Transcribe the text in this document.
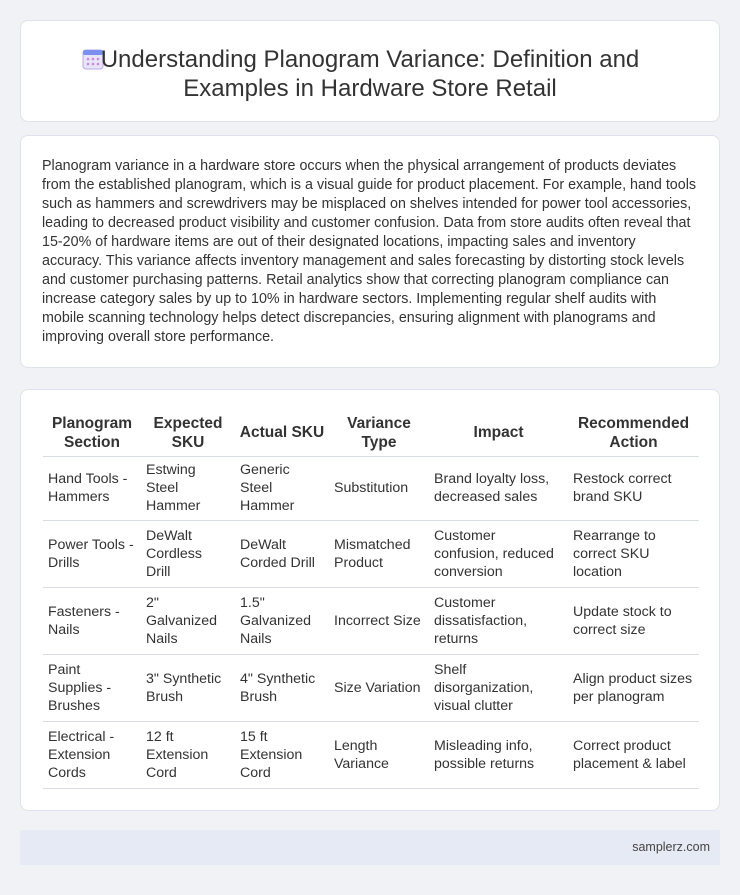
Understanding Planogram Variance: Definition and Examples in Hardware Store Retail

Planogram variance in a hardware store occurs when the physical arrangement of products deviates from the established planogram, which is a visual guide for product placement. For example, hand tools such as hammers and screwdrivers may be misplaced on shelves intended for power tool accessories, leading to decreased product visibility and customer confusion. Data from store audits often reveal that 15-20% of hardware items are out of their designated locations, impacting sales and inventory accuracy. This variance affects inventory management and sales forecasting by distorting stock levels and customer purchasing patterns. Retail analytics show that correcting planogram compliance can increase category sales by up to 10% in hardware sectors. Implementing regular shelf audits with mobile scanning technology helps detect discrepancies, ensuring alignment with planograms and improving overall store performance.

Planogram Section	Expected SKU	Actual SKU	Variance Type	Impact	Recommended Action
Hand Tools - Hammers	Estwing Steel Hammer	Generic Steel Hammer	Substitution	Brand loyalty loss, decreased sales	Restock correct brand SKU
Power Tools - Drills	DeWalt Cordless Drill	DeWalt Corded Drill	Mismatched Product	Customer confusion, reduced conversion	Rearrange to correct SKU location
Fasteners - Nails	2" Galvanized Nails	1.5" Galvanized Nails	Incorrect Size	Customer dissatisfaction, returns	Update stock to correct size
Paint Supplies - Brushes	3" Synthetic Brush	4" Synthetic Brush	Size Variation	Shelf disorganization, visual clutter	Align product sizes per planogram
Electrical - Extension Cords	12 ft Extension Cord	15 ft Extension Cord	Length Variance	Misleading info, possible returns	Correct product placement & label
samplerz.com
